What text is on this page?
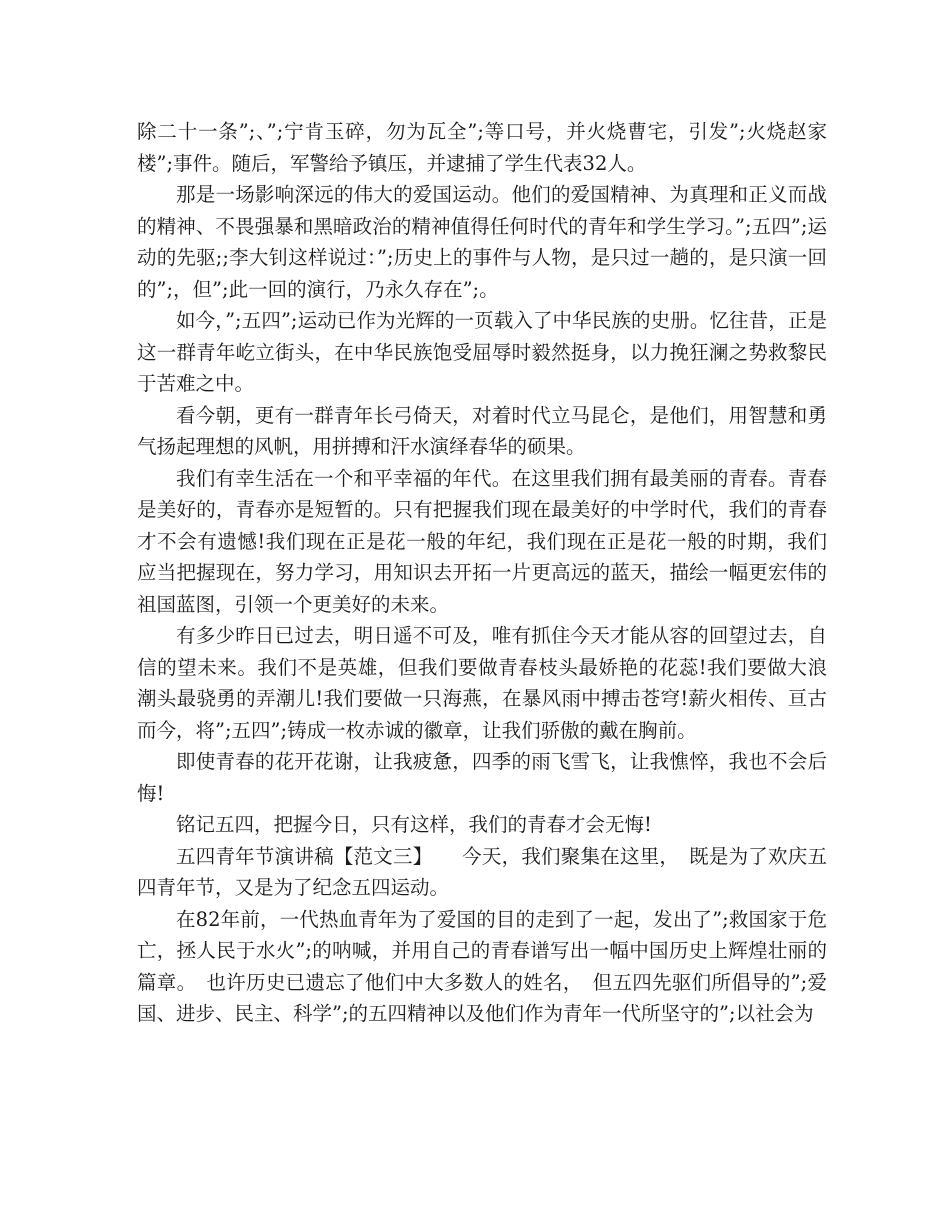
除二十一条”;、”;宁肯玉碎，勿为瓦全”;等口号，并火烧曹宅，引发”;火烧赵家楼”;事件。随后，军警给予镇压，并逮捕了学生代表32人。

那是一场影响深远的伟大的爱国运动。他们的爱国精神、为真理和正义而战的精神、不畏强暴和黑暗政治的精神值得任何时代的青年和学生学习。”;五四”;运动的先驱;;李大钊这样说过：”;历史上的事件与人物，是只过一趟的，是只演一回的”;，但”;此一回的演行，乃永久存在”;。

如今，”;五四”;运动已作为光辉的一页载入了中华民族的史册。忆往昔，正是这一群青年屹立街头，在中华民族饱受屈辱时毅然挺身，以力挽狂澜之势救黎民于苦难之中。

看今朝，更有一群青年长弓倚天，对着时代立马昆仑，是他们，用智慧和勇气扬起理想的风帆，用拼搏和汗水演绎春华的硕果。

我们有幸生活在一个和平幸福的年代。在这里我们拥有最美丽的青春。青春是美好的，青春亦是短暂的。只有把握我们现在最美好的中学时代，我们的青春才不会有遗憾!我们现在正是花一般的年纪，我们现在正是花一般的时期，我们应当把握现在，努力学习，用知识去开拓一片更高远的蓝天，描绘一幅更宏伟的祖国蓝图，引领一个更美好的未来。

有多少昨日已过去，明日遥不可及，唯有抓住今天才能从容的回望过去，自信的望未来。我们不是英雄，但我们要做青春枝头最娇艳的花蕊!我们要做大浪潮头最骁勇的弄潮儿!我们要做一只海燕，在暴风雨中搏击苍穹!薪火相传、亘古而今，将”;五四”;铸成一枚赤诚的徽章，让我们骄傲的戴在胸前。

即使青春的花开花谢，让我疲惫，四季的雨飞雪飞，让我憔悴，我也不会后悔!

铭记五四，把握今日，只有这样，我们的青春才会无悔!

五四青年节演讲稿【范文三】　　今天，我们聚集在这里，　既是为了欢庆五四青年节，又是为了纪念五四运动。

在82年前，一代热血青年为了爱国的目的走到了一起，发出了”;救国家于危亡，拯人民于水火”;的呐喊，并用自己的青春谱写出一幅中国历史上辉煌壮丽的篇章。　也许历史已遗忘了他们中大多数人的姓名，　但五四先驱们所倡导的”;爱国、进步、民主、科学”;的五四精神以及他们作为青年一代所坚守的”;以社会为
